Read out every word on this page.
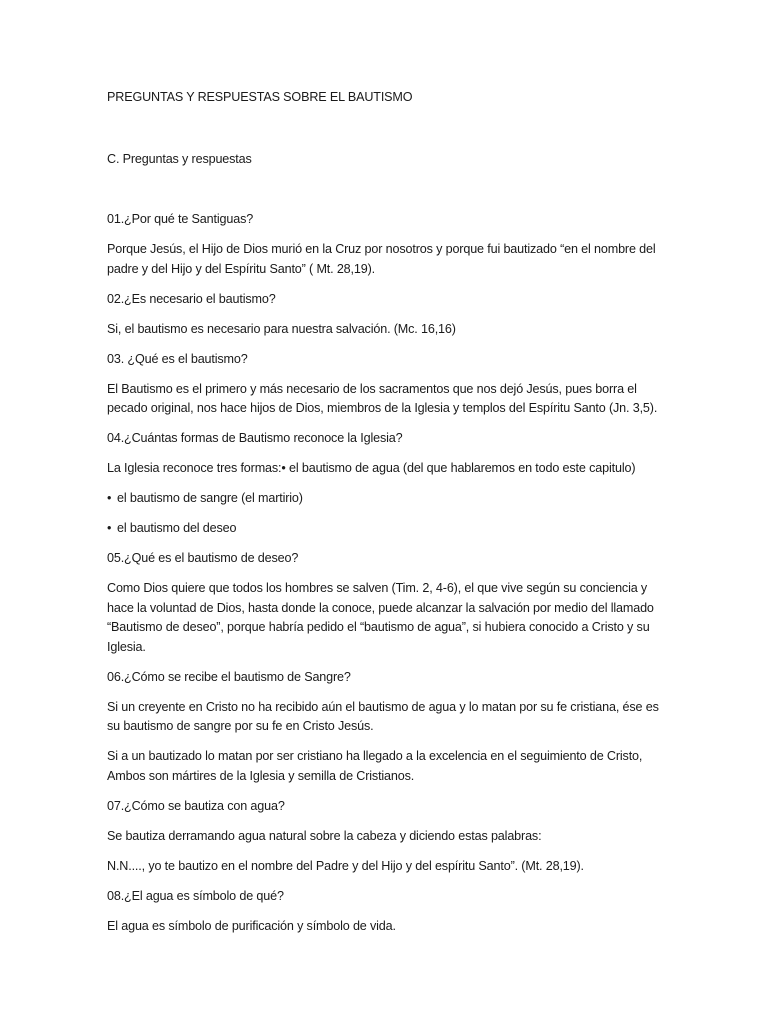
PREGUNTAS Y RESPUESTAS SOBRE EL BAUTISMO

C. Preguntas y respuestas

01.¿Por qué te Santiguas?

Porque Jesús, el Hijo de Dios murió en la Cruz por nosotros y porque fui bautizado “en el nombre del padre y del Hijo y del Espíritu Santo” ( Mt. 28,19).

02.¿Es necesario el bautismo?

Si, el bautismo es necesario para nuestra salvación. (Mc. 16,16)

03. ¿Qué es el bautismo?

El Bautismo es el primero y más necesario de los sacramentos que nos dejó Jesús, pues borra el pecado original, nos hace hijos de Dios, miembros de la Iglesia y templos del Espíritu Santo (Jn. 3,5).

04.¿Cuántas formas de Bautismo reconoce la Iglesia?

La Iglesia reconoce tres formas:• el bautismo de agua (del que hablaremos en todo este capitulo)

• el bautismo de sangre (el martirio)

• el bautismo del deseo

05.¿Qué es el bautismo de deseo?

Como Dios quiere que todos los hombres se salven (Tim. 2, 4-6), el que vive según su conciencia y hace la voluntad de Dios, hasta donde la conoce, puede alcanzar la salvación por medio del llamado “Bautismo de deseo”, porque habría pedido el “bautismo de agua”, si hubiera conocido a Cristo y su Iglesia.

06.¿Cómo se recibe el bautismo de Sangre?

Si un creyente en Cristo no ha recibido aún el bautismo de agua y lo matan por su fe cristiana, ése es su bautismo de sangre por su fe en Cristo Jesús.

Si a un bautizado lo matan por ser cristiano ha llegado a la excelencia en el seguimiento de Cristo, Ambos son mártires de la Iglesia y semilla de Cristianos.

07.¿Cómo se bautiza con agua?

Se bautiza derramando agua natural sobre la cabeza y diciendo estas palabras:

N.N...., yo te bautizo en el nombre del Padre y del Hijo y del espíritu Santo”. (Mt. 28,19).

08.¿El agua es símbolo de qué?

El agua es símbolo de purificación y símbolo de vida.
